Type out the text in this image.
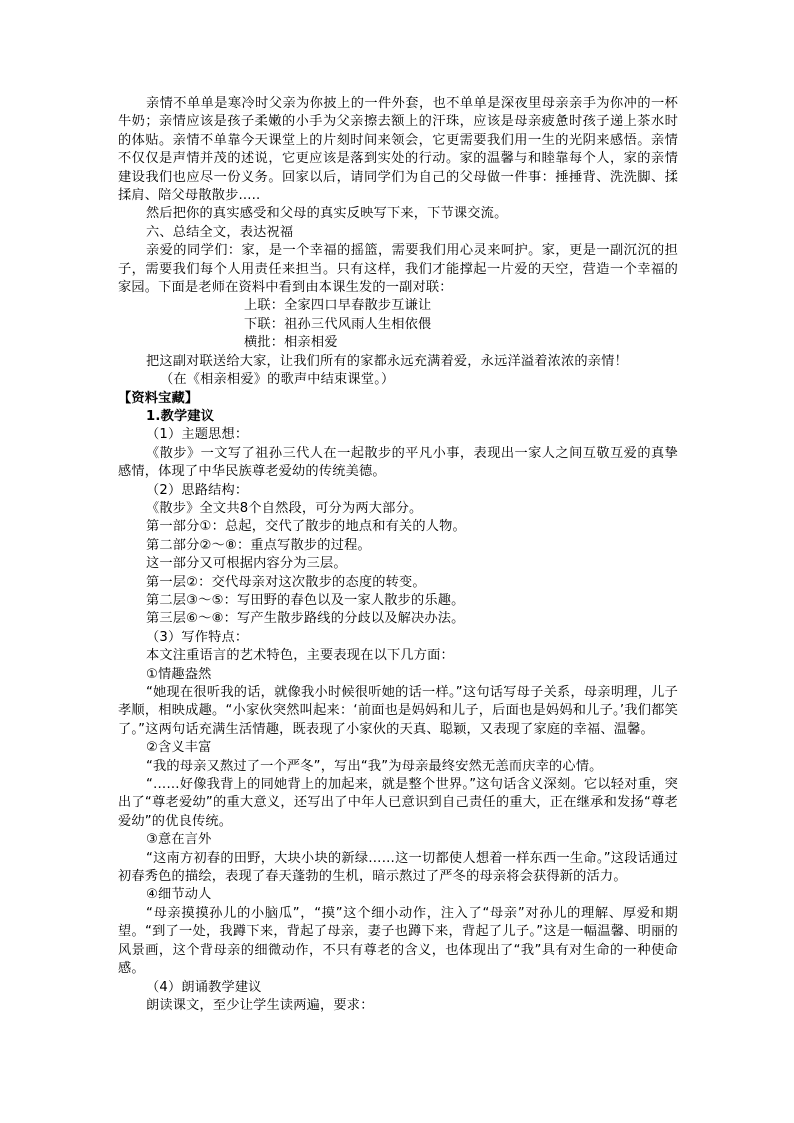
亲情不单单是寒冷时父亲为你披上的一件外套，也不单单是深夜里母亲亲手为你冲的一杯牛奶；亲情应该是孩子柔嫩的小手为父亲擦去额上的汗珠，应该是母亲疲惫时孩子递上茶水时的体贴。亲情不单靠今天课堂上的片刻时间来领会，它更需要我们用一生的光阴来感悟。亲情不仅仅是声情并茂的述说，它更应该是落到实处的行动。家的温馨与和睦靠每个人，家的亲情建设我们也应尽一份义务。回家以后，请同学们为自己的父母做一件事：捶捶背、洗洗脚、揉揉肩、陪父母散散步.....

然后把你的真实感受和父母的真实反映写下来，下节课交流。

六、总结全文，表达祝福

亲爱的同学们：家，是一个幸福的摇篮，需要我们用心灵来呵护。家，更是一副沉沉的担子，需要我们每个人用责任来担当。只有这样，我们才能撑起一片爱的天空，营造一个幸福的家园。下面是老师在资料中看到由本课生发的一副对联：

上联：全家四口早春散步互谦让

下联：祖孙三代风雨人生相依偎

横批：相亲相爱

把这副对联送给大家，让我们所有的家都永远充满着爱，永远洋溢着浓浓的亲情！

（在《相亲相爱》的歌声中结束课堂。）

【资料宝藏】

1.教学建议

（1）主题思想：

《散步》一文写了祖孙三代人在一起散步的平凡小事，表现出一家人之间互敬互爱的真挚感情，体现了中华民族尊老爱幼的传统美德。

（2）思路结构：

《散步》全文共8个自然段，可分为两大部分。

第一部分①：总起，交代了散步的地点和有关的人物。

第二部分②～⑧：重点写散步的过程。

这一部分又可根据内容分为三层。

第一层②：交代母亲对这次散步的态度的转变。

第二层③～⑤：写田野的春色以及一家人散步的乐趣。

第三层⑥～⑧：写产生散步路线的分歧以及解决办法。

（3）写作特点：

本文注重语言的艺术特色，主要表现在以下几方面：

①情趣盎然

“她现在很听我的话，就像我小时候很听她的话一样。”这句话写母子关系，母亲明理，儿子孝顺，相映成趣。“小家伙突然叫起来：‘前面也是妈妈和儿子，后面也是妈妈和儿子。’我们都笑了。”这两句话充满生活情趣，既表现了小家伙的天真、聪颖，又表现了家庭的幸福、温馨。

②含义丰富

“我的母亲又熬过了一个严冬”，写出“我”为母亲最终安然无恙而庆幸的心情。

“……好像我背上的同她背上的加起来，就是整个世界。”这句话含义深刻。它以轻对重，突出了“尊老爱幼”的重大意义，还写出了中年人已意识到自己责任的重大，正在继承和发扬“尊老爱幼”的优良传统。

③意在言外

“这南方初春的田野，大块小块的新绿……这一切都使人想着一样东西一生命。”这段话通过初春秀色的描绘，表现了春天蓬勃的生机，暗示熬过了严冬的母亲将会获得新的活力。

④细节动人

“母亲摸摸孙儿的小脑瓜”，“摸”这个细小动作，注入了“母亲”对孙儿的理解、厚爱和期望。“到了一处，我蹲下来，背起了母亲，妻子也蹲下来，背起了儿子。”这是一幅温馨、明丽的风景画，这个背母亲的细微动作，不只有尊老的含义，也体现出了“我”具有对生命的一种使命感。

（4）朗诵教学建议

朗读课文，至少让学生读两遍，要求：
